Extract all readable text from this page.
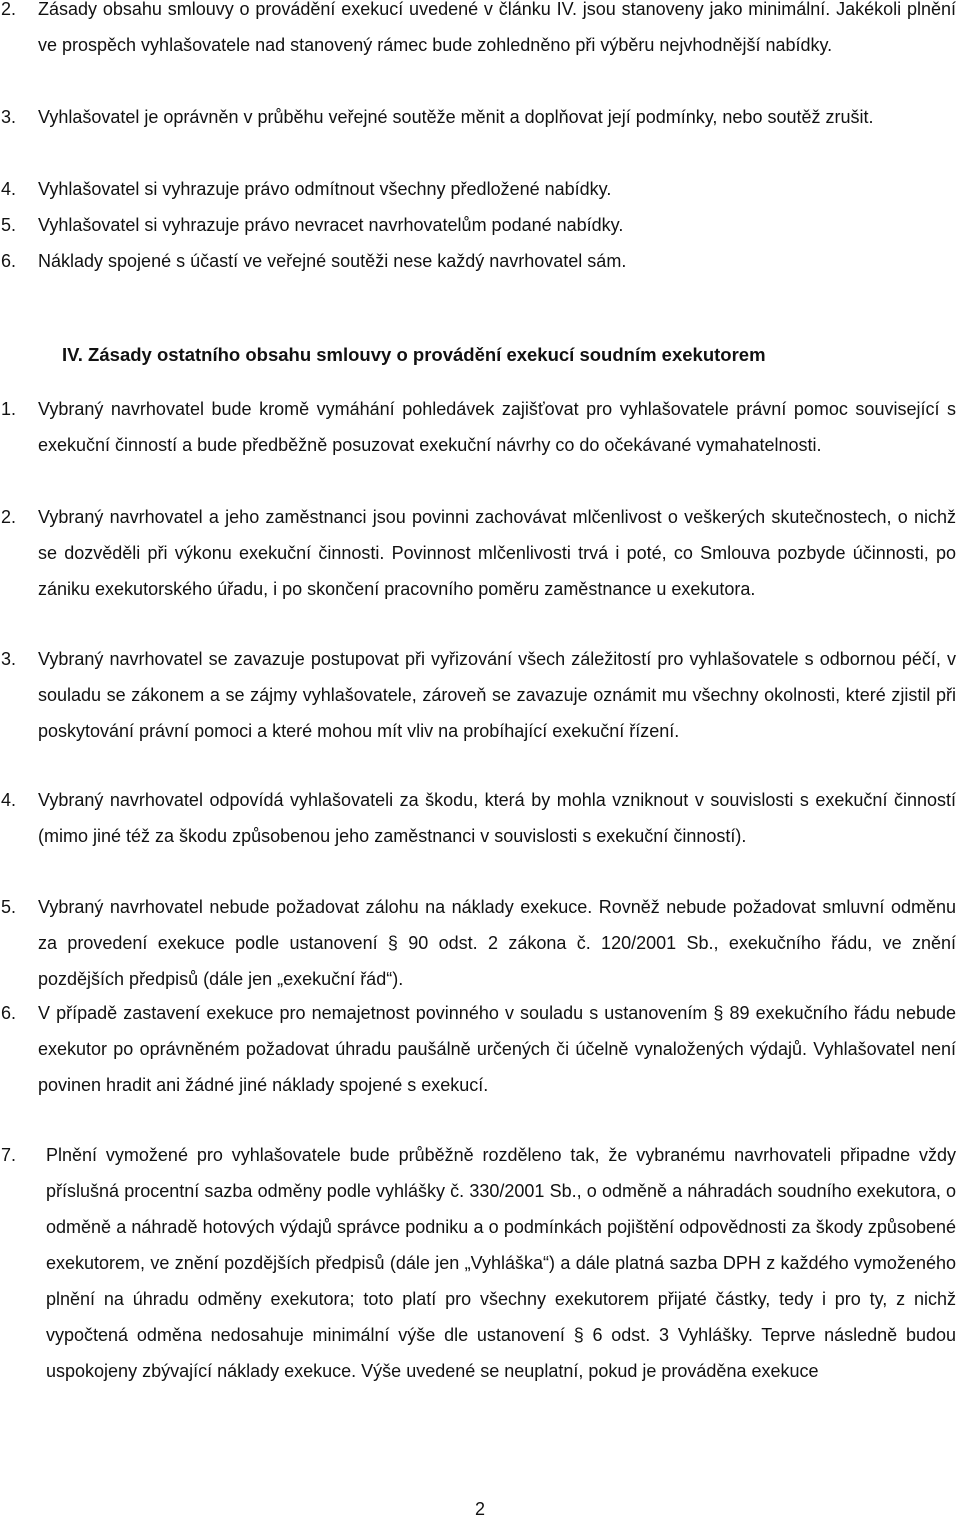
2. Zásady obsahu smlouvy o provádění exekucí uvedené v článku IV. jsou stanoveny jako minimální. Jakékoli plnění ve prospěch vyhlašovatele nad stanovený rámec bude zohledněno při výběru nejvhodnější nabídky.
3. Vyhlašovatel je oprávněn v průběhu veřejné soutěže měnit a doplňovat její podmínky, nebo soutěž zrušit.
4. Vyhlašovatel si vyhrazuje právo odmítnout všechny předložené nabídky.
5. Vyhlašovatel si vyhrazuje právo nevracet navrhovatelům podané nabídky.
6. Náklady spojené s účastí ve veřejné soutěži nese každý navrhovatel sám.
IV. Zásady ostatního obsahu smlouvy o provádění exekucí soudním exekutorem
1. Vybraný navrhovatel bude kromě vymáhání pohledávek zajišťovat pro vyhlašovatele právní pomoc související s exekuční činností a bude předběžně posuzovat exekuční návrhy co do očekávané vymahatelnosti.
2. Vybraný navrhovatel a jeho zaměstnanci jsou povinni zachovávat mlčenlivost o veškerých skutečnostech, o nichž se dozvěděli při výkonu exekuční činnosti. Povinnost mlčenlivosti trvá i poté, co Smlouva pozbyde účinnosti, po zániku exekutorského úřadu, i po skončení pracovního poměru zaměstnance u exekutora.
3. Vybraný navrhovatel se zavazuje postupovat při vyřizování všech záležitostí pro vyhlašovatele s odbornou péčí, v souladu se zákonem a se zájmy vyhlašovatele, zároveň se zavazuje oznámit mu všechny okolnosti, které zjistil při poskytování právní pomoci a které mohou mít vliv na probíhající exekuční řízení.
4. Vybraný navrhovatel odpovídá vyhlašovateli za škodu, která by mohla vzniknout v souvislosti s exekuční činností (mimo jiné též za škodu způsobenou jeho zaměstnanci v souvislosti s exekuční činností).
5. Vybraný navrhovatel nebude požadovat zálohu na náklady exekuce. Rovněž nebude požadovat smluvní odměnu za provedení exekuce podle ustanovení § 90 odst. 2 zákona č. 120/2001 Sb., exekučního řádu, ve znění pozdějších předpisů (dále jen „exekuční řád“).
6. V případě zastavení exekuce pro nemajetnost povinného v souladu s ustanovením § 89 exekučního řádu nebude exekutor po oprávněném požadovat úhradu paušálně určených či účelně vynaložených výdajů. Vyhlašovatel není povinen hradit ani žádné jiné náklady spojené s exekucí.
7. Plnění vymožené pro vyhlašovatele bude průběžně rozděleno tak, že vybranému navrhovateli připadne vždy příslušná procentní sazba odměny podle vyhlášky č. 330/2001 Sb., o odměně a náhradách soudního exekutora, o odměně a náhradě hotových výdajů správce podniku a o podmínkách pojištění odpovědnosti za škody způsobené exekutorem, ve znění pozdějších předpisů (dále jen „Vyhláška“) a dále platná sazba DPH z každého vymoženého plnění na úhradu odměny exekutora; toto platí pro všechny exekutorem přijaté částky, tedy i pro ty, z nichž vypočtená odměna nedosahuje minimální výše dle ustanovení § 6 odst. 3 Vyhlášky. Teprve následně budou uspokojeny zbývající náklady exekuce. Výše uvedené se neuplatní, pokud je prováděna exekuce
2
